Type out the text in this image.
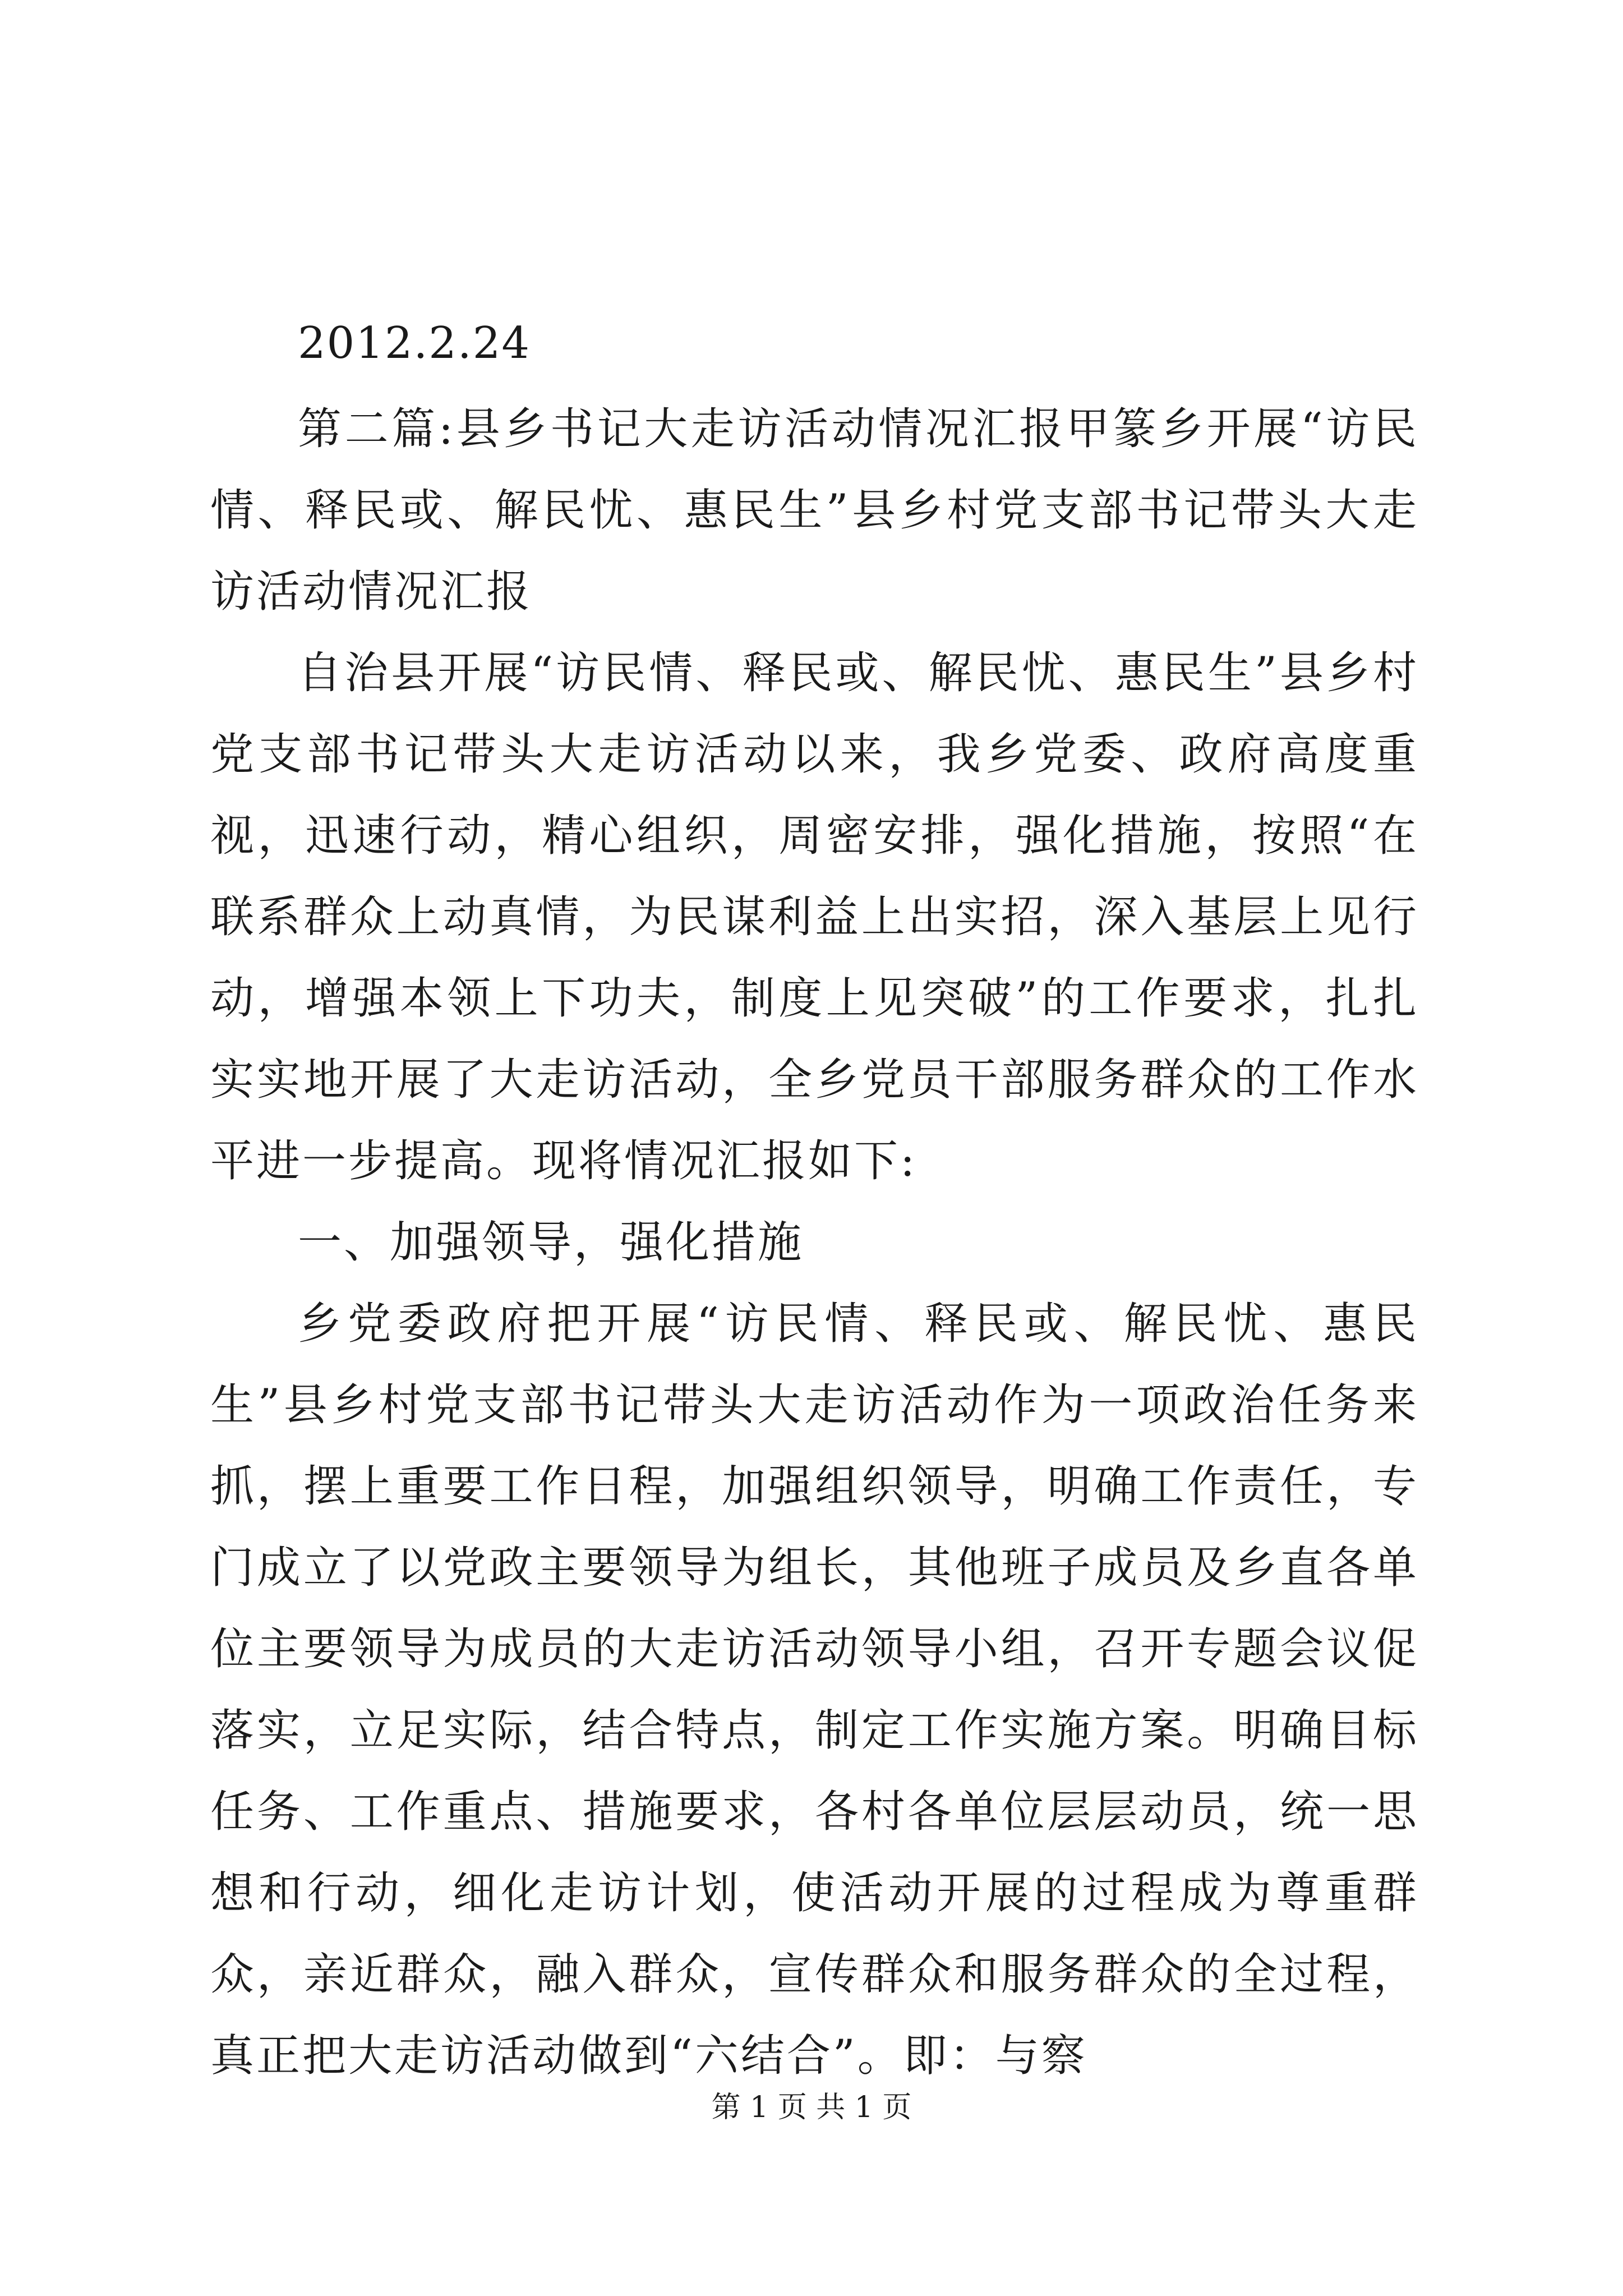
2012.2.24

第二篇:县乡书记大走访活动情况汇报甲篆乡开展“访民情、释民或、解民忧、惠民生”县乡村党支部书记带头大走访活动情况汇报

自治县开展“访民情、释民或、解民忧、惠民生”县乡村党支部书记带头大走访活动以来，我乡党委、政府高度重视，迅速行动，精心组织，周密安排，强化措施，按照“在联系群众上动真情，为民谋利益上出实招，深入基层上见行动，增强本领上下功夫，制度上见突破”的工作要求，扎扎实实地开展了大走访活动，全乡党员干部服务群众的工作水平进一步提高。现将情况汇报如下:

一、加强领导，强化措施

乡党委政府把开展“访民情、释民或、解民忧、惠民生”县乡村党支部书记带头大走访活动作为一项政治任务来抓，摆上重要工作日程，加强组织领导，明确工作责任，专门成立了以党政主要领导为组长，其他班子成员及乡直各单位主要领导为成员的大走访活动领导小组，召开专题会议促落实，立足实际，结合特点，制定工作实施方案。明确目标任务、工作重点、措施要求，各村各单位层层动员，统一思想和行动，细化走访计划，使活动开展的过程成为尊重群众，亲近群众，融入群众，宣传群众和服务群众的全过程，真正把大走访活动做到“六结合”。即：与察

第 1 页 共 1 页
